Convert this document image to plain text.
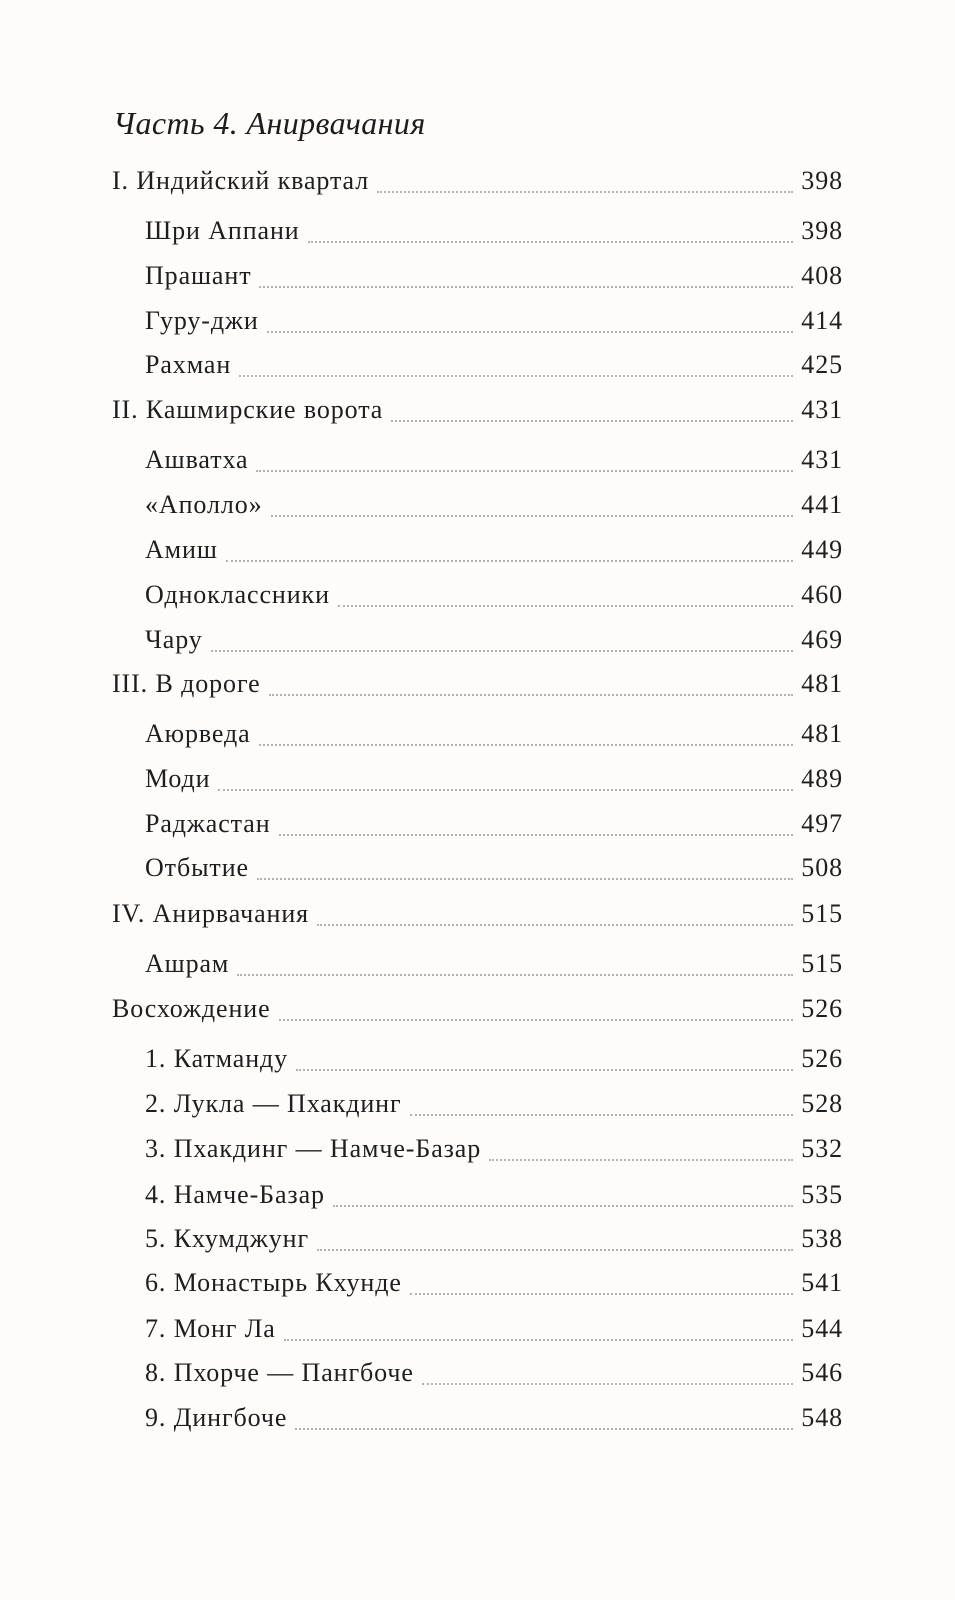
Часть 4. Анирвачания
I. Индийский квартал	398
Шри Аппани	398
Прашант	408
Гуру-джи	414
Рахман	425
II. Кашмирские ворота	431
Ашватха	431
«Аполло»	441
Амиш	449
Одноклассники	460
Чару	469
III. В дороге	481
Аюрведа	481
Моди	489
Раджастан	497
Отбытие	508
IV. Анирвачания	515
Ашрам	515
Восхождение	526
1. Катманду	526
2. Лукла — Пхакдинг	528
3. Пхакдинг — Намче-Базар	532
4. Намче-Базар	535
5. Кхумджунг	538
6. Монастырь Кхунде	541
7. Монг Ла	544
8. Пхорче — Пангбоче	546
9. Дингбоче	548
